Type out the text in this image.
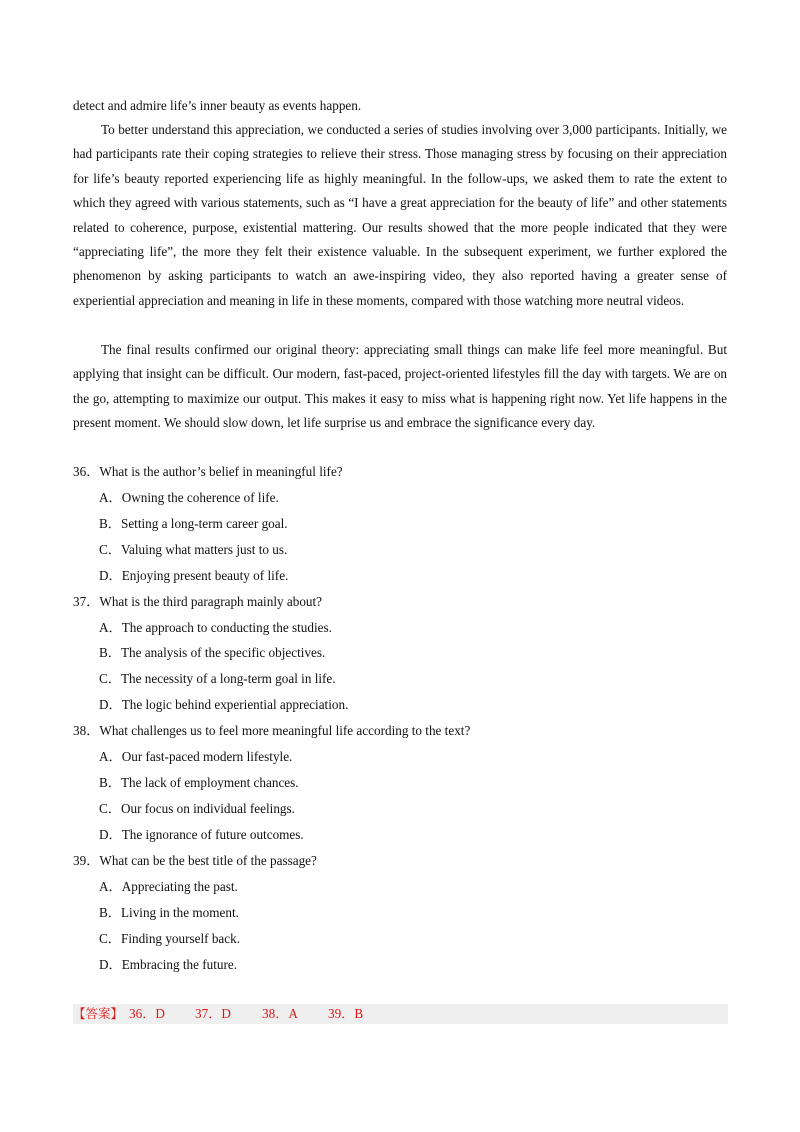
detect and admire life’s inner beauty as events happen.

To better understand this appreciation, we conducted a series of studies involving over 3,000 participants. Initially, we had participants rate their coping strategies to relieve their stress. Those managing stress by focusing on their appreciation for life’s beauty reported experiencing life as highly meaningful. In the follow-ups, we asked them to rate the extent to which they agreed with various statements, such as “I have a great appreciation for the beauty of life” and other statements related to coherence, purpose, existential mattering. Our results showed that the more people indicated that they were “appreciating life”, the more they felt their existence valuable. In the subsequent experiment, we further explored the phenomenon by asking participants to watch an awe-inspiring video, they also reported having a greater sense of experiential appreciation and meaning in life in these moments, compared with those watching more neutral videos.

The final results confirmed our original theory: appreciating small things can make life feel more meaningful. But applying that insight can be difficult. Our modern, fast-paced, project-oriented lifestyles fill the day with targets. We are on the go, attempting to maximize our output. This makes it easy to miss what is happening right now. Yet life happens in the present moment. We should slow down, let life surprise us and embrace the significance every day.

36．What is the author’s belief in meaningful life?

A．Owning the coherence of life.

B．Setting a long-term career goal.

C．Valuing what matters just to us.

D．Enjoying present beauty of life.

37．What is the third paragraph mainly about?

A．The approach to conducting the studies.

B．The analysis of the specific objectives.

C．The necessity of a long-term goal in life.

D．The logic behind experiential appreciation.

38．What challenges us to feel more meaningful life according to the text?

A．Our fast-paced modern lifestyle.

B．The lack of employment chances.

C．Our focus on individual feelings.

D．The ignorance of future outcomes.

39．What can be the best title of the passage?

A．Appreciating the past.

B．Living in the moment.

C．Finding yourself back.

D．Embracing the future.

【答案】 36．D 37．D 38．A 39．B
